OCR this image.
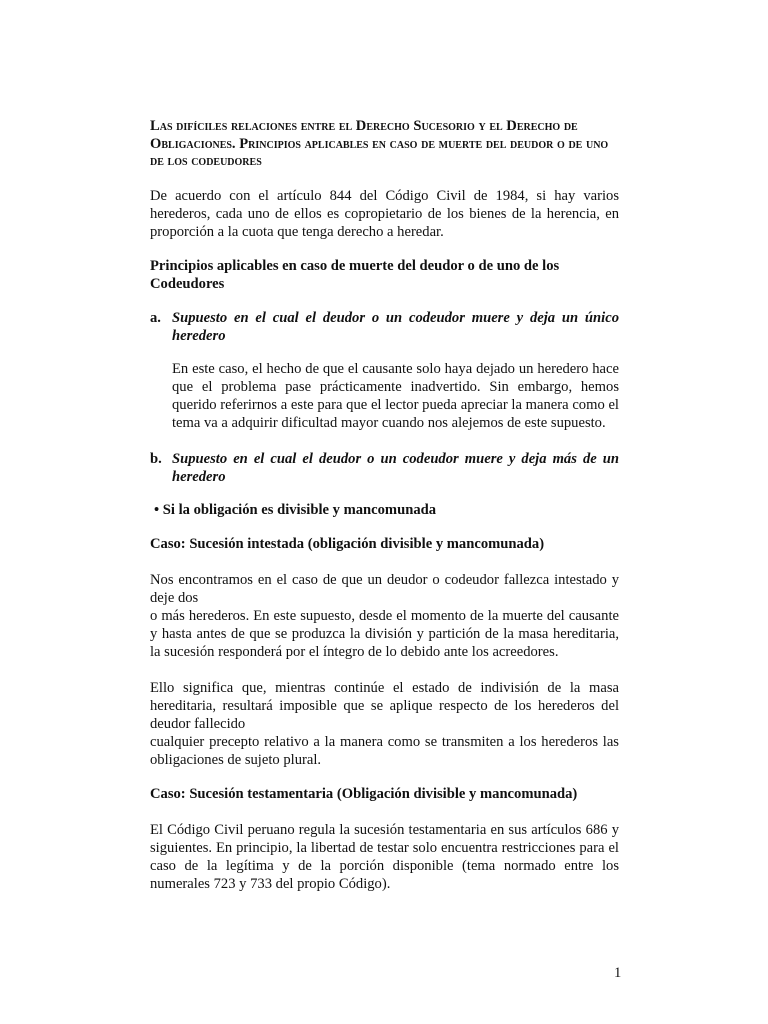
Las difíciles relaciones entre el Derecho Sucesorio y el Derecho de Obligaciones. Principios aplicables en caso de muerte del deudor o de uno de los codeudores

De acuerdo con el artículo 844 del Código Civil de 1984, si hay varios herederos, cada uno de ellos es copropietario de los bienes de la herencia, en proporción a la cuota que tenga derecho a heredar.

Principios aplicables en caso de muerte del deudor o de uno de los Codeudores

a. Supuesto en el cual el deudor o un codeudor muere y deja un único heredero

En este caso, el hecho de que el causante solo haya dejado un heredero hace que el problema pase prácticamente inadvertido. Sin embargo, hemos querido referirnos a este para que el lector pueda apreciar la manera como el tema va a adquirir dificultad mayor cuando nos alejemos de este supuesto.

b. Supuesto en el cual el deudor o un codeudor muere y deja más de un heredero
• Si la obligación es divisible y mancomunada

Caso: Sucesión intestada (obligación divisible y mancomunada)

Nos encontramos en el caso de que un deudor o codeudor fallezca intestado y deje dos

o más herederos. En este supuesto, desde el momento de la muerte del causante y hasta antes de que se produzca la división y partición de la masa hereditaria, la sucesión responderá por el íntegro de lo debido ante los acreedores.

Ello significa que, mientras continúe el estado de indivisión de la masa hereditaria, resultará imposible que se aplique respecto de los herederos del deudor fallecido

cualquier precepto relativo a la manera como se transmiten a los herederos las obligaciones de sujeto plural.

Caso: Sucesión testamentaria (Obligación divisible y mancomunada)

El Código Civil peruano regula la sucesión testamentaria en sus artículos 686 y siguientes. En principio, la libertad de testar solo encuentra restricciones para el caso de la legítima y de la porción disponible (tema normado entre los numerales 723 y 733 del propio Código).

1
